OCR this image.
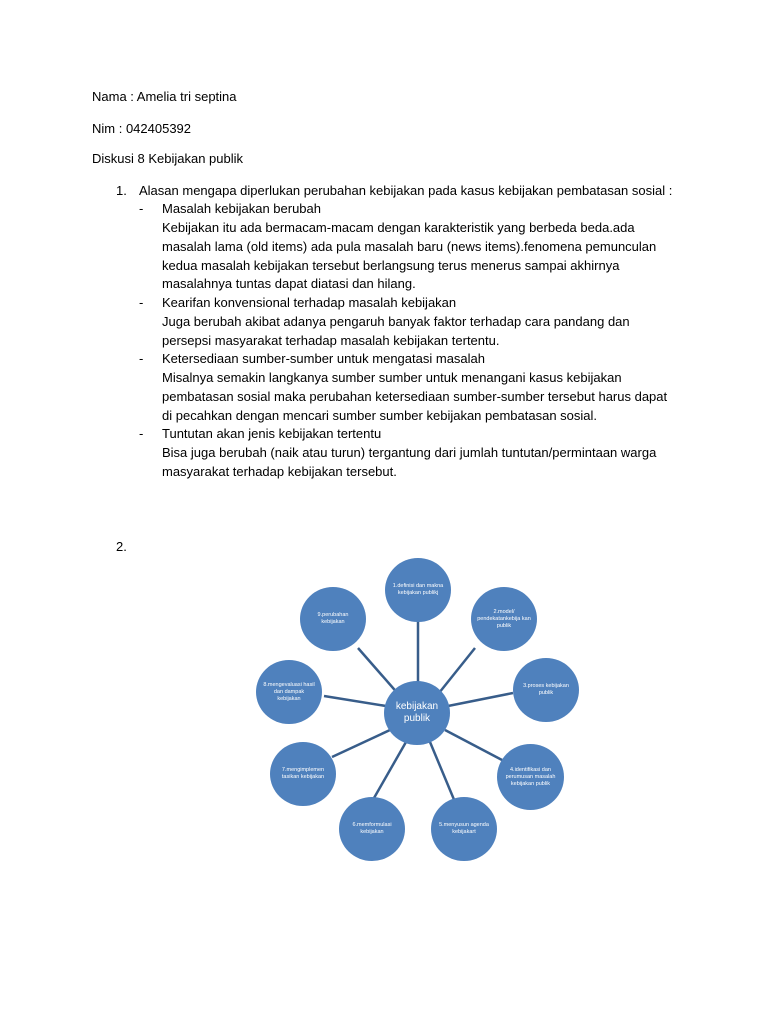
Nama : Amelia tri septina
Nim : 042405392
Diskusi 8 Kebijakan publik
1. Alasan mengapa diperlukan perubahan kebijakan pada kasus kebijakan pembatasan sosial :
- Masalah kebijakan berubah
Kebijakan itu ada bermacam-macam dengan karakteristik yang berbeda beda.ada
masalah lama (old items) ada pula masalah baru (news items).fenomena pemunculan
kedua masalah kebijakan tersebut berlangsung terus menerus sampai akhirnya
masalahnya tuntas dapat diatasi dan hilang.
- Kearifan konvensional terhadap masalah kebijakan
Juga berubah akibat adanya pengaruh banyak faktor terhadap cara pandang dan
persepsi masyarakat terhadap masalah kebijakan tertentu.
- Ketersediaan sumber-sumber untuk mengatasi masalah
Misalnya semakin langkanya sumber sumber untuk menangani kasus kebijakan
pembatasan sosial maka perubahan ketersediaan sumber-sumber tersebut harus dapat
di pecahkan dengan mencari sumber sumber kebijakan pembatasan sosial.
- Tuntutan akan jenis kebijakan tertentu
Bisa juga berubah (naik atau turun) tergantung dari jumlah tuntutan/permintaan warga
masyarakat terhadap kebijakan tersebut.
2.
kebijakan publik
1.definisi dan makna kebijakan publikj
2.model/ pendekatankebija kan publik
3.proses kebijakan publik
4.identifikasi dan perumusan masalah kebijakan publik
5.menyusun agenda kebijakart
6.memformulasi kebijakan
7.mengimplemen tasikan kebijakan
8.mengevaluasi hasil dan dampak kebijakan
9.perubahan kebijakan
